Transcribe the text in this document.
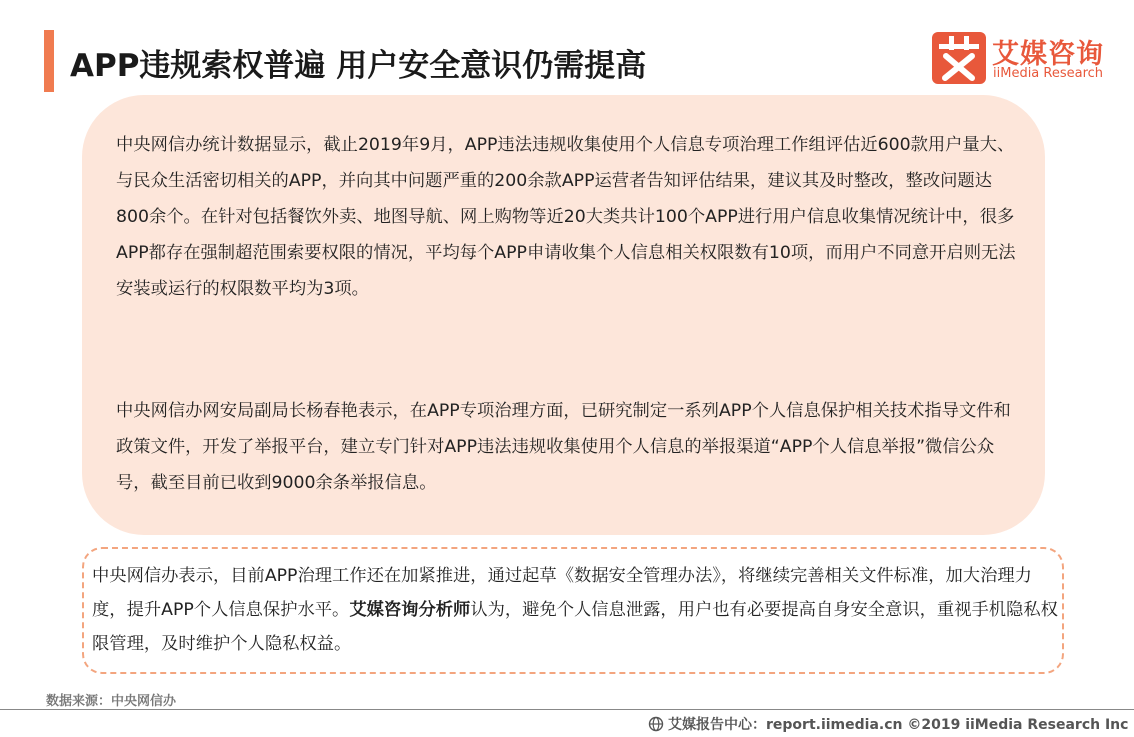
APP违规索权普遍 用户安全意识仍需提高	艾媒咨询
iiMedia Research

中央网信办统计数据显示，截止2019年9月，APP违法违规收集使用个人信息专项治理工作组评估近600款用户量大、与民众生活密切相关的APP，并向其中问题严重的200余款APP运营者告知评估结果，建议其及时整改，整改问题达800余个。在针对包括餐饮外卖、地图导航、网上购物等近20大类共计100个APP进行用户信息收集情况统计中，很多APP都存在强制超范围索要权限的情况，平均每个APP申请收集个人信息相关权限数有10项，而用户不同意开启则无法安装或运行的权限数平均为3项。

中央网信办网安局副局长杨春艳表示，在APP专项治理方面，已研究制定一系列APP个人信息保护相关技术指导文件和政策文件，开发了举报平台，建立专门针对APP违法违规收集使用个人信息的举报渠道“APP个人信息举报”微信公众号，截至目前已收到9000余条举报信息。

中央网信办表示，目前APP治理工作还在加紧推进，通过起草《数据安全管理办法》，将继续完善相关文件标准，加大治理力度，提升APP个人信息保护水平。艾媒咨询分析师认为，避免个人信息泄露，用户也有必要提高自身安全意识，重视手机隐私权限管理，及时维护个人隐私权益。

数据来源：中央网信办
艾媒报告中心：report.iimedia.cn ©2019 iiMedia Research Inc
